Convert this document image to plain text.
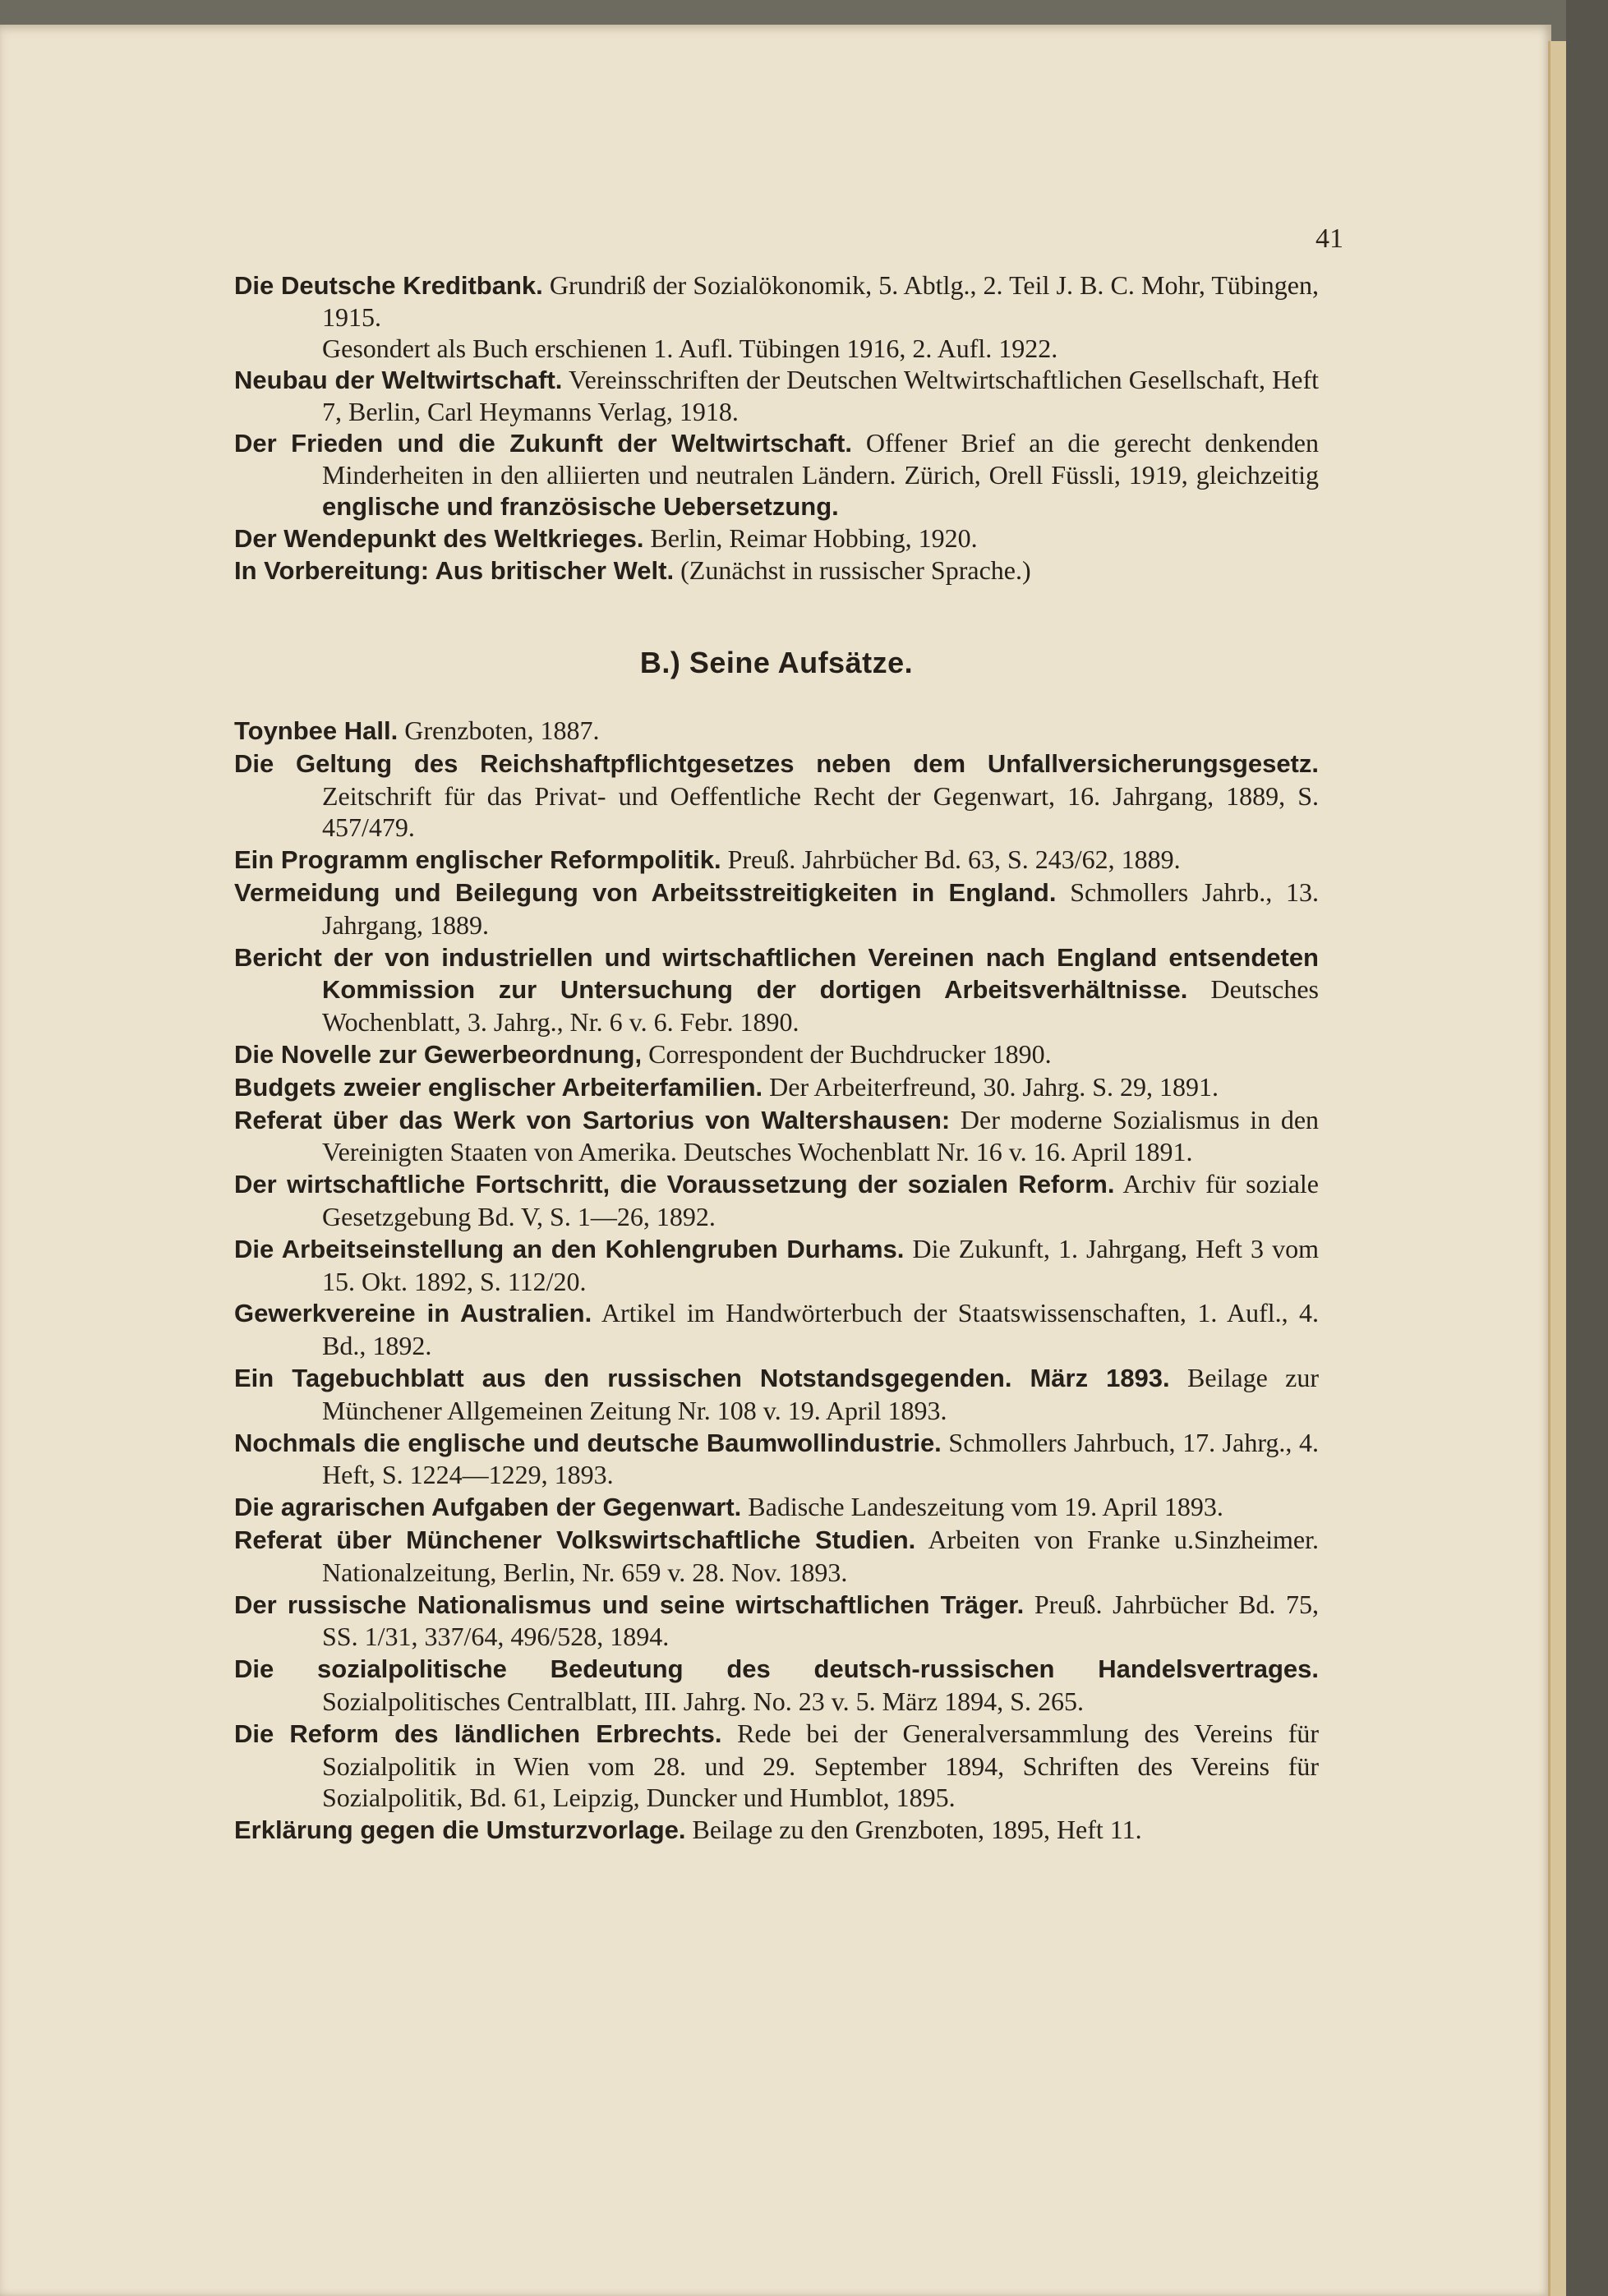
41

Die Deutsche Kreditbank. Grundriß der Sozialökonomik, 5. Abtlg., 2. Teil J. B. C. Mohr, Tübingen, 1915.
Gesondert als Buch erschienen 1. Aufl. Tübingen 1916, 2. Aufl. 1922.

Neubau der Weltwirtschaft. Vereinsschriften der Deutschen Weltwirtschaftlichen Gesellschaft, Heft 7, Berlin, Carl Heymanns Verlag, 1918.

Der Frieden und die Zukunft der Weltwirtschaft. Offener Brief an die gerecht denkenden Minderheiten in den alliierten und neutralen Ländern. Zürich, Orell Füssli, 1919, gleichzeitig englische und französische Uebersetzung.

Der Wendepunkt des Weltkrieges. Berlin, Reimar Hobbing, 1920.

In Vorbereitung: Aus britischer Welt. (Zunächst in russischer Sprache.)

B.) Seine Aufsätze.

Toynbee Hall. Grenzboten, 1887.

Die Geltung des Reichshaftpflichtgesetzes neben dem Unfallversicherungsgesetz. Zeitschrift für das Privat- und Oeffentliche Recht der Gegenwart, 16. Jahrgang, 1889, S. 457/479.

Ein Programm englischer Reformpolitik. Preuß. Jahrbücher Bd. 63, S. 243/62, 1889.

Vermeidung und Beilegung von Arbeitsstreitigkeiten in England. Schmollers Jahrb., 13. Jahrgang, 1889.

Bericht der von industriellen und wirtschaftlichen Vereinen nach England entsendeten Kommission zur Untersuchung der dortigen Arbeitsverhältnisse. Deutsches Wochenblatt, 3. Jahrg., Nr. 6 v. 6. Febr. 1890.

Die Novelle zur Gewerbeordnung, Correspondent der Buchdrucker 1890.

Budgets zweier englischer Arbeiterfamilien. Der Arbeiterfreund, 30. Jahrg. S. 29, 1891.

Referat über das Werk von Sartorius von Waltershausen: Der moderne Sozialismus in den Vereinigten Staaten von Amerika. Deutsches Wochenblatt Nr. 16 v. 16. April 1891.

Der wirtschaftliche Fortschritt, die Voraussetzung der sozialen Reform. Archiv für soziale Gesetzgebung Bd. V, S. 1—26, 1892.

Die Arbeitseinstellung an den Kohlengruben Durhams. Die Zukunft, 1. Jahrgang, Heft 3 vom 15. Okt. 1892, S. 112/20.

Gewerkvereine in Australien. Artikel im Handwörterbuch der Staatswissenschaften, 1. Aufl., 4. Bd., 1892.

Ein Tagebuchblatt aus den russischen Notstandsgegenden. März 1893. Beilage zur Münchener Allgemeinen Zeitung Nr. 108 v. 19. April 1893.

Nochmals die englische und deutsche Baumwollindustrie. Schmollers Jahrbuch, 17. Jahrg., 4. Heft, S. 1224—1229, 1893.

Die agrarischen Aufgaben der Gegenwart. Badische Landeszeitung vom 19. April 1893.

Referat über Münchener Volkswirtschaftliche Studien. Arbeiten von Franke u.Sinzheimer. Nationalzeitung, Berlin, Nr. 659 v. 28. Nov. 1893.

Der russische Nationalismus und seine wirtschaftlichen Träger. Preuß. Jahrbücher Bd. 75, SS. 1/31, 337/64, 496/528, 1894.

Die sozialpolitische Bedeutung des deutsch-russischen Handelsvertrages. Sozialpolitisches Centralblatt, III. Jahrg. No. 23 v. 5. März 1894, S. 265.

Die Reform des ländlichen Erbrechts. Rede bei der Generalversammlung des Vereins für Sozialpolitik in Wien vom 28. und 29. September 1894, Schriften des Vereins für Sozialpolitik, Bd. 61, Leipzig, Duncker und Humblot, 1895.

Erklärung gegen die Umsturzvorlage. Beilage zu den Grenzboten, 1895, Heft 11.
